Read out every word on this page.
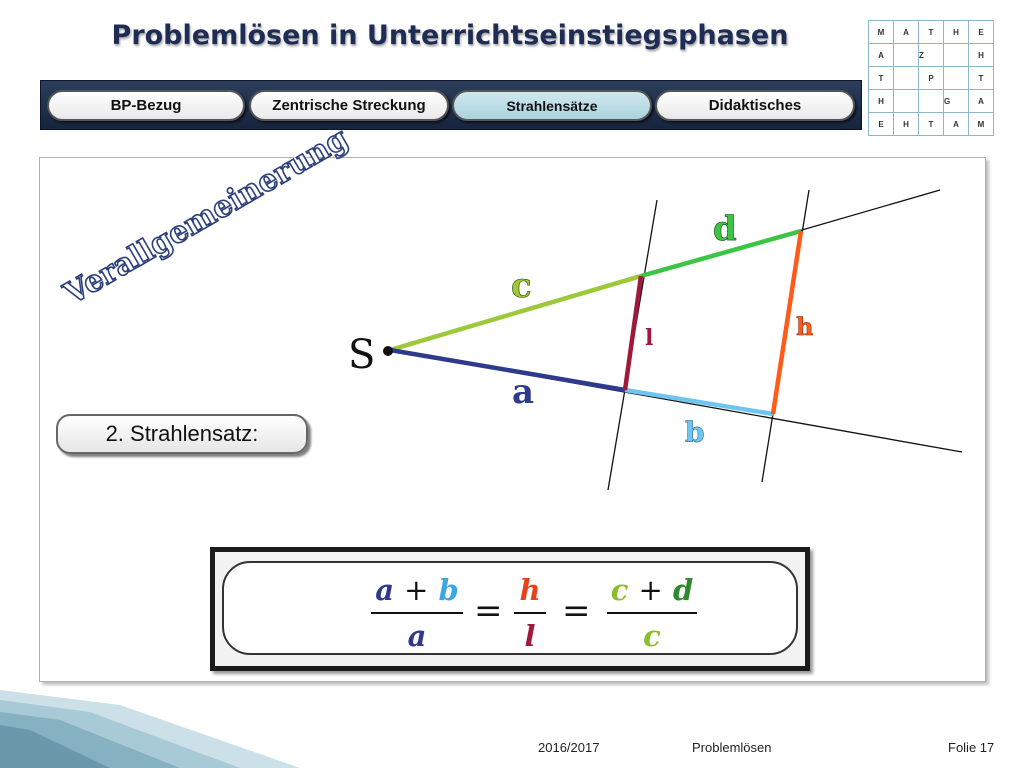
Problemlösen in Unterrichtseinstiegsphasen
BP-Bezug	Zentrische Streckung	Strahlensätze	Didaktisches
M	A	T	H	E
A		Z		H
T		P		T
H			G	A
E	H	T	A	M
S
c
d
a
b
l	h
Verallgemeinerung
2. Strahlensatz:
a + b
a
=
h
l
=
c + d
c
2016/2017	Problemlösen	Folie 17
